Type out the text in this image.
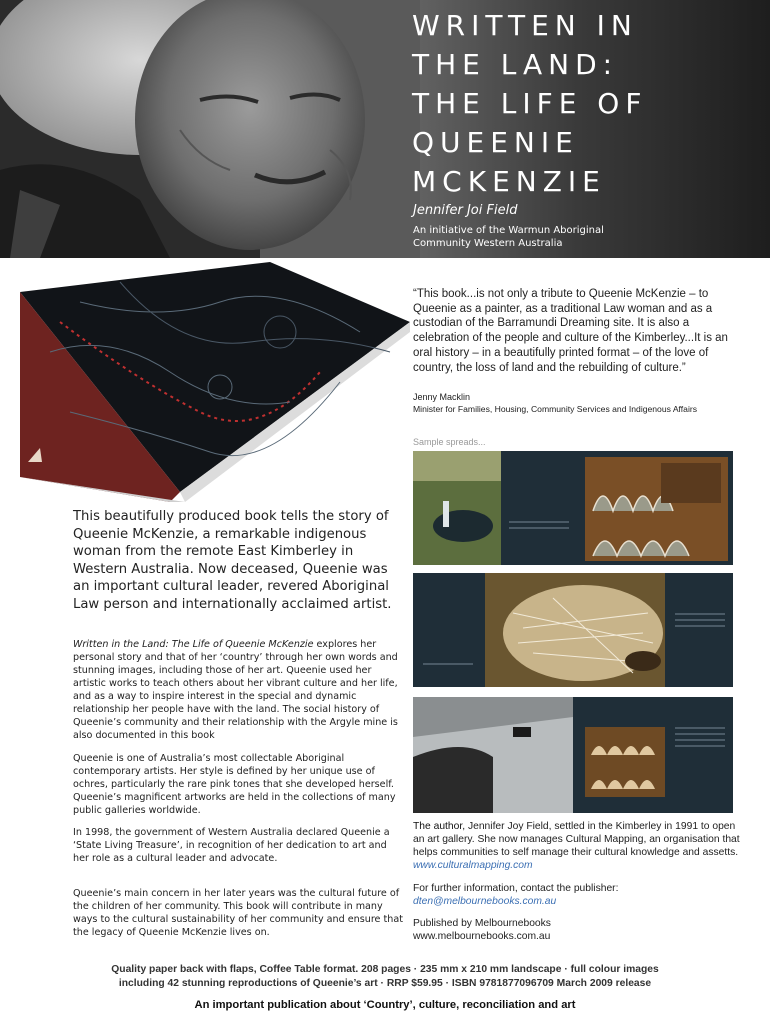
WRITTEN IN
THE LAND:
THE LIFE OF
QUEENIE
MCKENZIE
Jennifer Joi Field
An initiative of the Warmun Aboriginal
Community Western Australia
“This book...is not only a tribute to Queenie McKenzie – to Queenie as a painter, as a traditional Law woman and as a custodian of the Barramundi Dreaming site. It is also a celebration of the people and culture of the Kimberley...It is an oral history – in a beautifully printed format – of the love of country, the loss of land and the rebuilding of culture.”
Jenny Macklin
Minister for Families, Housing, Community Services and Indigenous Affairs
Sample spreads...
This beautifully produced book tells the story of Queenie McKenzie, a remarkable indigenous woman from the remote East Kimberley in Western Australia. Now deceased, Queenie was an important cultural leader, revered Aboriginal Law person and internationally acclaimed artist.
Written in the Land: The Life of Queenie McKenzie explores her personal story and that of her ‘country’ through her own words and stunning images, including those of her art. Queenie used her artistic works to teach others about her vibrant culture and her life, and as a way to inspire interest in the special and dynamic relationship her people have with the land. The social history of Queenie’s community and their relationship with the Argyle mine is also documented in this book
Queenie is one of Australia’s most collectable Aboriginal contemporary artists. Her style is defined by her unique use of ochres, particularly the rare pink tones that she developed herself. Queenie’s magnificent artworks are held in the collections of many public galleries worldwide.
In 1998, the government of Western Australia declared Queenie a ‘State Living Treasure’, in recognition of her dedication to art and her role as a cultural leader and advocate.
Queenie’s main concern in her later years was the cultural future of the children of her community. This book will contribute in many ways to the cultural sustainability of her community and ensure that the legacy of Queenie McKenzie lives on.
The author, Jennifer Joy Field, settled in the Kimberley in 1991 to open an art gallery. She now manages Cultural Mapping, an organisation that helps communities to self manage their cultural knowledge and assetts. www.culturalmapping.com
For further information, contact the publisher:
dten@melbournebooks.com.au
Published by Melbournebooks
www.melbournebooks.com.au
Quality paper back with flaps, Coffee Table format. 208 pages · 235 mm x 210 mm landscape · full colour images
including 42 stunning reproductions of Queenie’s art · RRP $59.95 · ISBN 9781877096709 March 2009 release
An important publication about ‘Country’, culture, reconciliation and art
